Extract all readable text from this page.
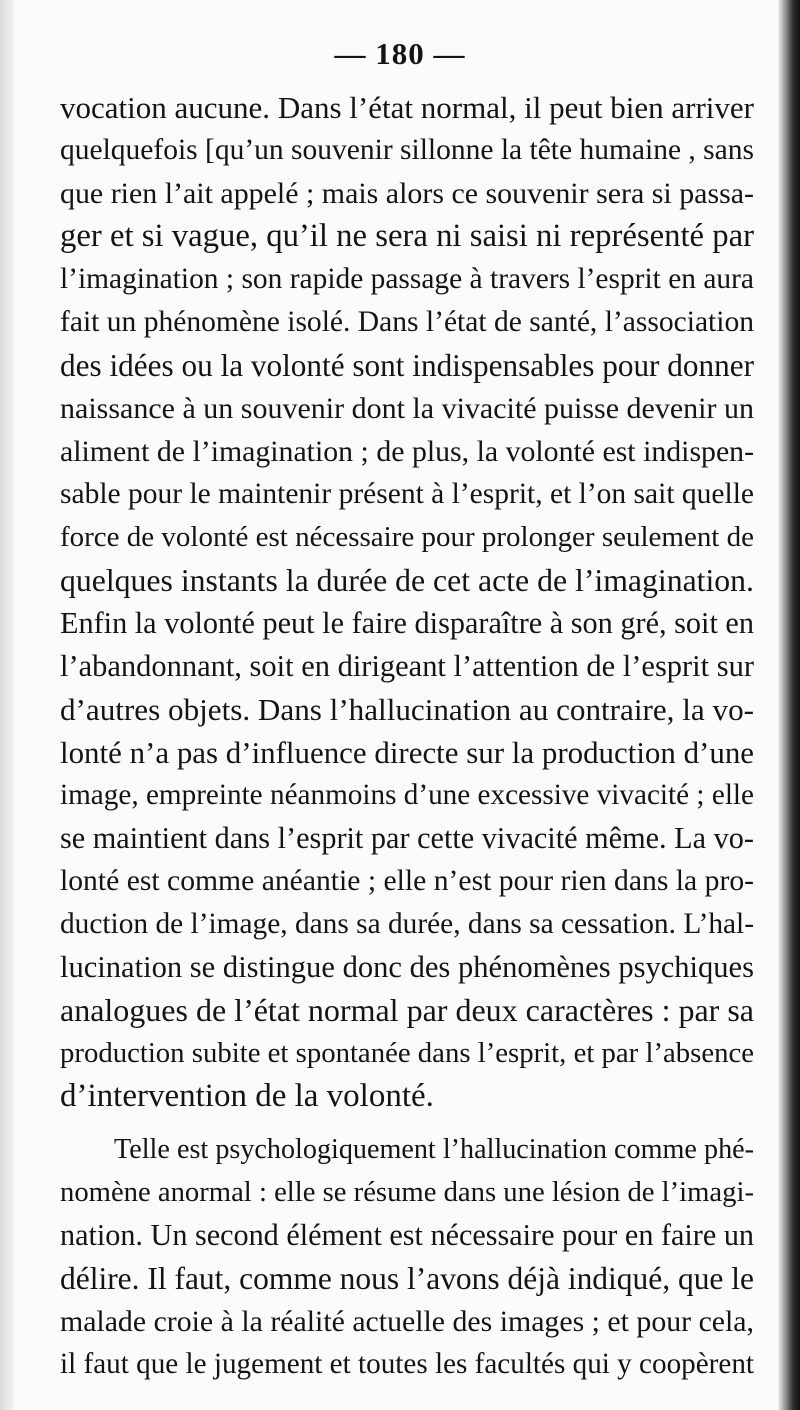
— 180 —

vocation aucune. Dans l’état normal, il peut bien arriver
quelquefois [qu’un souvenir sillonne la tête humaine , sans
que rien l’ait appelé ; mais alors ce souvenir sera si passa-
ger et si vague, qu’il ne sera ni saisi ni représenté par
l’imagination ; son rapide passage à travers l’esprit en aura
fait un phénomène isolé. Dans l’état de santé, l’association
des idées ou la volonté sont indispensables pour donner
naissance à un souvenir dont la vivacité puisse devenir un
aliment de l’imagination ; de plus, la volonté est indispen-
sable pour le maintenir présent à l’esprit, et l’on sait quelle
force de volonté est nécessaire pour prolonger seulement de
quelques instants la durée de cet acte de l’imagination.
Enfin la volonté peut le faire disparaître à son gré, soit en
l’abandonnant, soit en dirigeant l’attention de l’esprit sur
d’autres objets. Dans l’hallucination au contraire, la vo-
lonté n’a pas d’influence directe sur la production d’une
image, empreinte néanmoins d’une excessive vivacité ; elle
se maintient dans l’esprit par cette vivacité même. La vo-
lonté est comme anéantie ; elle n’est pour rien dans la pro-
duction de l’image, dans sa durée, dans sa cessation. L’hal-
lucination se distingue donc des phénomènes psychiques
analogues de l’état normal par deux caractères : par sa
production subite et spontanée dans l’esprit, et par l’absence
d’intervention de la volonté.
Telle est psychologiquement l’hallucination comme phé-
nomène anormal : elle se résume dans une lésion de l’imagi-
nation. Un second élément est nécessaire pour en faire un
délire. Il faut, comme nous l’avons déjà indiqué, que le
malade croie à la réalité actuelle des images ; et pour cela,
il faut que le jugement et toutes les facultés qui y coopèrent
